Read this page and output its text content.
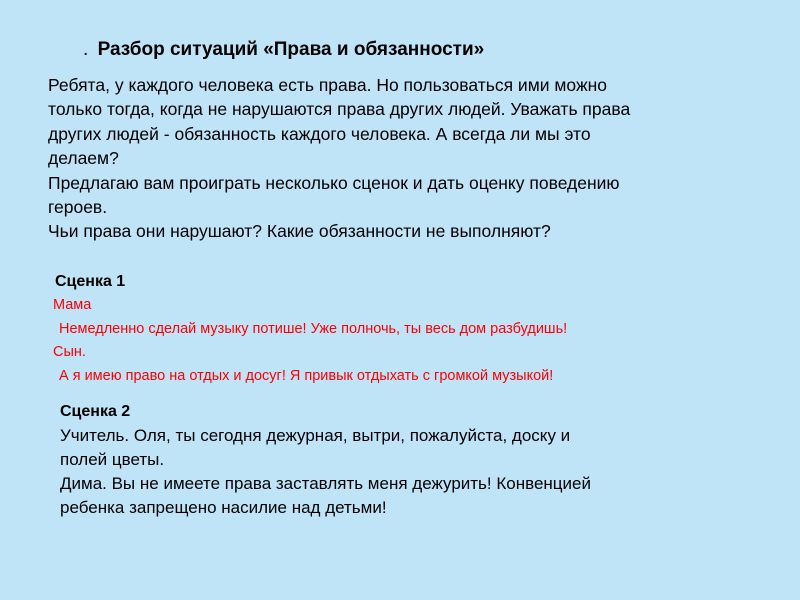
. Разбор ситуаций «Права и обязанности»
Ребята, у каждого человека есть права. Но пользоваться ими можно
только тогда, когда не нарушаются права других людей. Уважать права
других людей - обязанность каждого человека. А всегда ли мы это
делаем?
Предлагаю вам проиграть несколько сценок и дать оценку поведению
героев.
Чьи права они нарушают? Какие обязанности не выполняют?
Сценка 1
Мама
Немедленно сделай музыку потише! Уже полночь, ты весь дом разбудишь!
Сын.
А я имею право на отдых и досуг! Я привык отдыхать с громкой музыкой!
Сценка 2
Учитель. Оля, ты сегодня дежурная, вытри, пожалуйста, доску и
полей цветы.
Дима. Вы не имеете права заставлять меня дежурить! Конвенцией
ребенка запрещено насилие над детьми!
